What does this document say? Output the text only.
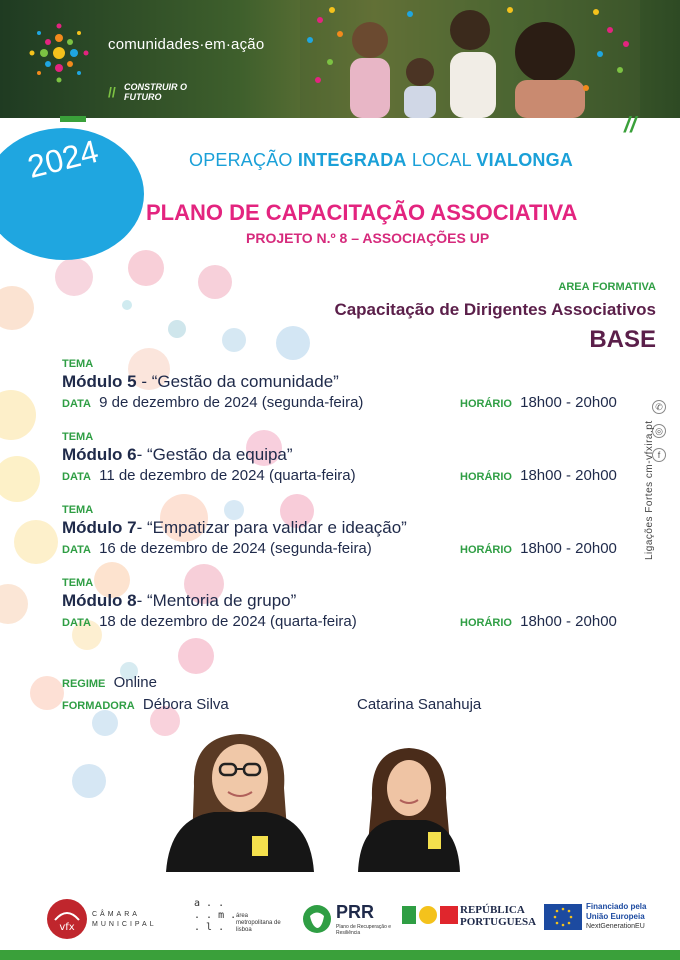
comunidades·em·ação
// CONSTRUIR O FUTURO
//
2024	OPERAÇÃO INTEGRADA LOCAL VIALONGA
PLANO DE CAPACITAÇÃO ASSOCIATIVA
PROJETO N.º 8 – ASSOCIAÇÕES UP
AREA FORMATIVA
Capacitação de Dirigentes Associativos
BASE
TEMA
Módulo 5 - “Gestão da comunidade”
DATA 9 de dezembro de 2024 (segunda-feira)	HORÁRIO 18h00 - 20h00
TEMA
Módulo 6- “Gestão da equipa”
DATA 11 de dezembro de 2024 (quarta-feira)	HORÁRIO 18h00 - 20h00
TEMA
Módulo 7- “Empatizar para validar e ideação”
DATA 16 de dezembro de 2024 (segunda-feira)	HORÁRIO 18h00 - 20h00
TEMA
Módulo 8- “Mentoria de grupo”
DATA 18 de dezembro de 2024 (quarta-feira)	HORÁRIO 18h00 - 20h00
✆
◎
f
Ligações Fortes cm-vfxira.pt
REGIME Online
FORMADORA Débora Silva	Catarina Sanahuja
vfx
CÂMARA MUNICIPAL
a . .
. . m .
. l .
área metropolitana de lisboa
PRR
Plano de Recuperação e Resiliência
REPÚBLICA PORTUGUESA
Financiado pela
União Europeia
NextGenerationEU
